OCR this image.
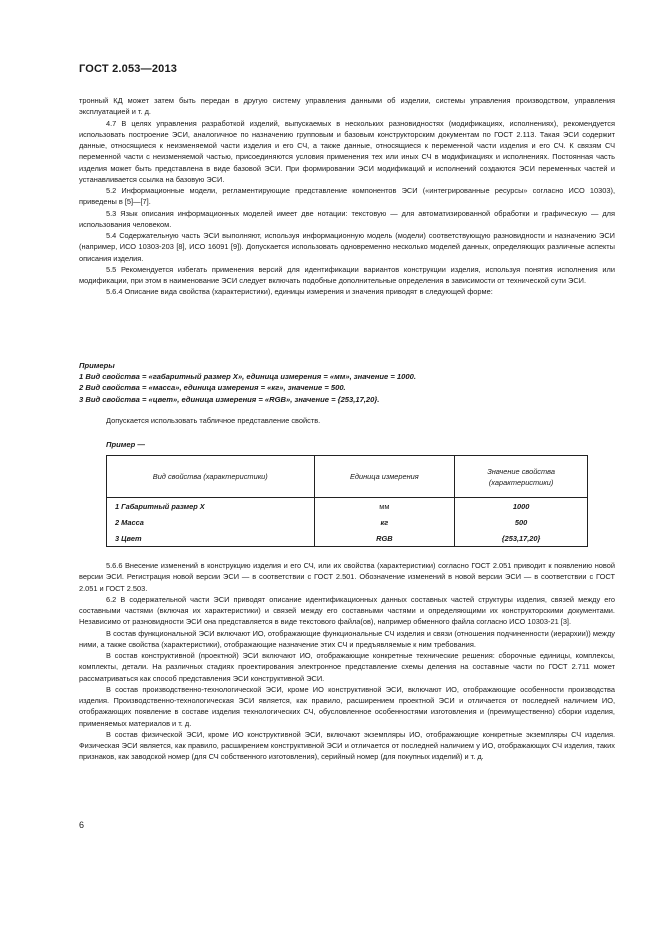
ГОСТ 2.053—2013

тронный КД может затем быть передан в другую систему управления данными об изделии, системы управления производством, управления эксплуатацией и т. д.

4.7 В целях управления разработкой изделий, выпускаемых в нескольких разновидностях (модификациях, исполнениях), рекомендуется использовать построение ЭСИ, аналогичное по назначению групповым и базовым конструкторским документам по ГОСТ 2.113. Такая ЭСИ содержит данные, относящиеся к неизменяемой части изделия и его СЧ, а также данные, относящиеся к переменной части изделия и его СЧ. К связям СЧ переменной части с неизменяемой частью, присоединяются условия применения тех или иных СЧ в модификациях и исполнениях. Постоянная часть изделия может быть представлена в виде базовой ЭСИ. При формировании ЭСИ модификаций и исполнений создаются ЭСИ переменных частей и устанавливается ссылка на базовую ЭСИ.

5.2 Информационные модели, регламентирующие представление компонентов ЭСИ («интегрированные ресурсы» согласно ИСО 10303), приведены в [5]—[7].

5.3 Язык описания информационных моделей имеет две нотации: текстовую — для автоматизированной обработки и графическую — для использования человеком.

5.4 Содержательную часть ЭСИ выполняют, используя информационную модель (модели) соответствующую разновидности и назначению ЭСИ (например, ИСО 10303-203 [8], ИСО 16091 [9]). Допускается использовать одновременно несколько моделей данных, определяющих различные аспекты описания изделия.

5.5 Рекомендуется избегать применения версий для идентификации вариантов конструкции изделия, используя понятия исполнения или модификации, при этом в наименование ЭСИ следует включать подобные дополнительные определения в зависимости от технической сути ЭСИ.

5.6.4 Описание вида свойства (характеристики), единицы измерения и значения приводят в следующей форме:

Примеры
1 Вид свойства = «габаритный размер X», единица измерения = «мм», значение = 1000.
2 Вид свойства = «масса», единица измерения = «кг», значение = 500.
3 Вид свойства = «цвет», единица измерения = «RGB», значение = {253,17,20}.
Допускается использовать табличное представление свойств.
Пример —
Вид свойства (характеристики)	Единица измерения	Значение свойства (характеристики)
1 Габаритный размер X	мм	1000
2 Масса	кг	500
3 Цвет	RGB	{253,17,20}

5.6.6 Внесение изменений в конструкцию изделия и его СЧ, или их свойства (характеристики) согласно ГОСТ 2.051 приводит к появлению новой версии ЭСИ. Регистрация новой версии ЭСИ — в соответствии с ГОСТ 2.501. Обозначение изменений в новой версии ЭСИ — в соответствии с ГОСТ 2.051 и ГОСТ 2.503.

6.2 В содержательной части ЭСИ приводят описание идентификационных данных составных частей структуры изделия, связей между его составными частями (включая их характеристики) и связей между его составными частями и определяющими их конструкторскими документами. Независимо от разновидности ЭСИ она представляется в виде текстового файла(ов), например обменного файла согласно ИСО 10303-21 [3].

В состав функциональной ЭСИ включают ИО, отображающие функциональные СЧ изделия и связи (отношения подчиненности (иерархии)) между ними, а также свойства (характеристики), отображающие назначение этих СЧ и предъявляемые к ним требования.

В состав конструктивной (проектной) ЭСИ включают ИО, отображающие конкретные технические решения: сборочные единицы, комплексы, комплекты, детали. На различных стадиях проектирования электронное представление схемы деления на составные части по ГОСТ 2.711 может рассматриваться как способ представления ЭСИ конструктивной ЭСИ.

В состав производственно-технологической ЭСИ, кроме ИО конструктивной ЭСИ, включают ИО, отображающие особенности производства изделия. Производственно-технологическая ЭСИ является, как правило, расширением проектной ЭСИ и отличается от последней наличием ИО, отображающих появление в составе изделия технологических СЧ, обусловленное особенностями изготовления и (преимущественно) сборки изделия, применяемых материалов и т. д.

В состав физической ЭСИ, кроме ИО конструктивной ЭСИ, включают экземпляры ИО, отображающие конкретные экземпляры СЧ изделия. Физическая ЭСИ является, как правило, расширением конструктивной ЭСИ и отличается от последней наличием у ИО, отображающих СЧ изделия, таких признаков, как заводской номер (для СЧ собственного изготовления), серийный номер (для покупных изделий) и т. д.

6
